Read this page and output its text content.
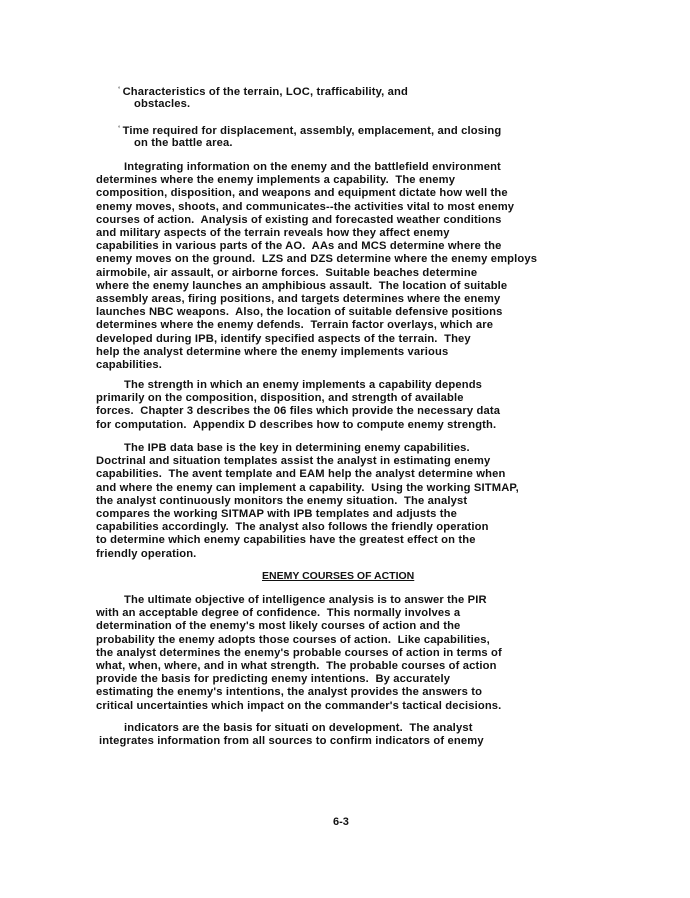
° Characteristics of the terrain, LOC, trafficability, and
obstacles.
° Time required for displacement, assembly, emplacement, and closing
on the battle area.
Integrating information on the enemy and the battlefield environment
determines where the enemy implements a capability.  The enemy
composition, disposition, and weapons and equipment dictate how well the
enemy moves, shoots, and communicates--the activities vital to most enemy
courses of action.  Analysis of existing and forecasted weather conditions
and military aspects of the terrain reveals how they affect enemy
capabilities in various parts of the AO.  AAs and MCS determine where the
enemy moves on the ground.  LZS and DZS determine where the enemy employs
airmobile, air assault, or airborne forces.  Suitable beaches determine
where the enemy launches an amphibious assault.  The location of suitable
assembly areas, firing positions, and targets determines where the enemy
launches NBC weapons.  Also, the location of suitable defensive positions
determines where the enemy defends.  Terrain factor overlays, which are
developed during IPB, identify specified aspects of the terrain.  They
help the analyst determine where the enemy implements various
capabilities.
The strength in which an enemy implements a capability depends
primarily on the composition, disposition, and strength of available
forces.  Chapter 3 describes the 06 files which provide the necessary data
for computation.  Appendix D describes how to compute enemy strength.
The IPB data base is the key in determining enemy capabilities.
Doctrinal and situation templates assist the analyst in estimating enemy
capabilities.  The avent template and EAM help the analyst determine when
and where the enemy can implement a capability.  Using the working SITMAP,
the analyst continuously monitors the enemy situation.  The analyst
compares the working SITMAP with IPB templates and adjusts the
capabilities accordingly.  The analyst also follows the friendly operation
to determine which enemy capabilities have the greatest effect on the
friendly operation.
ENEMY COURSES OF ACTION
The ultimate objective of intelligence analysis is to answer the PIR
with an acceptable degree of confidence.  This normally involves a
determination of the enemy's most likely courses of action and the
probability the enemy adopts those courses of action.  Like capabilities,
the analyst determines the enemy's probable courses of action in terms of
what, when, where, and in what strength.  The probable courses of action
provide the basis for predicting enemy intentions.  By accurately
estimating the enemy's intentions, the analyst provides the answers to
critical uncertainties which impact on the commander's tactical decisions.
indicators are the basis for situati on development.  The analyst
integrates information from all sources to confirm indicators of enemy
6-3
